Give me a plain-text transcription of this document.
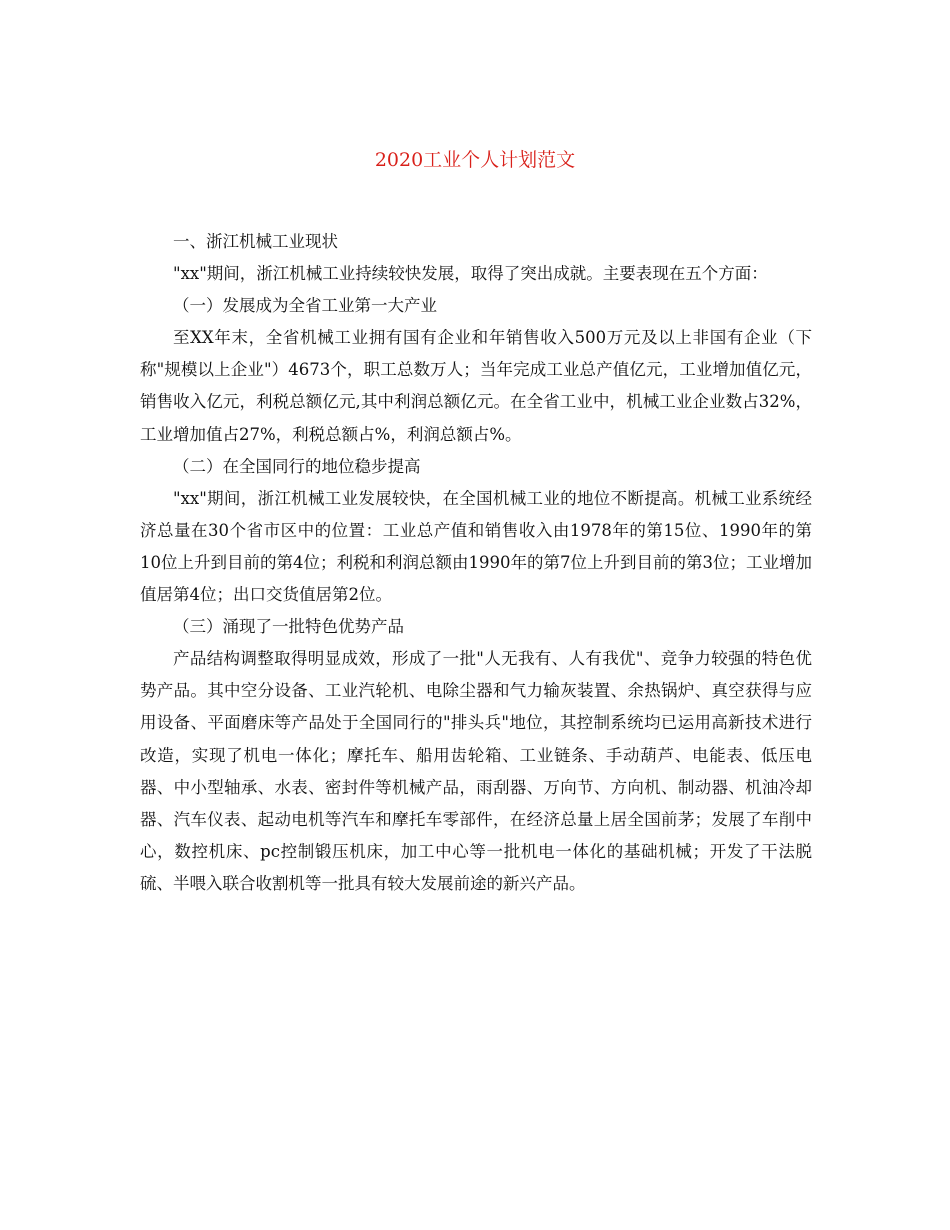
2020工业个人计划范文

一、浙江机械工业现状

"xx"期间，浙江机械工业持续较快发展，取得了突出成就。主要表现在五个方面：

（一）发展成为全省工业第一大产业

至XX年末，全省机械工业拥有国有企业和年销售收入500万元及以上非国有企业（下称"规模以上企业"）4673个，职工总数万人；当年完成工业总产值亿元，工业增加值亿元，销售收入亿元，利税总额亿元,其中利润总额亿元。在全省工业中，机械工业企业数占32%，工业增加值占27%，利税总额占%，利润总额占%。

（二）在全国同行的地位稳步提高

"xx"期间，浙江机械工业发展较快，在全国机械工业的地位不断提高。机械工业系统经济总量在30个省市区中的位置：工业总产值和销售收入由1978年的第15位、1990年的第10位上升到目前的第4位；利税和利润总额由1990年的第7位上升到目前的第3位；工业增加值居第4位；出口交货值居第2位。

（三）涌现了一批特色优势产品

产品结构调整取得明显成效，形成了一批"人无我有、人有我优"、竞争力较强的特色优势产品。其中空分设备、工业汽轮机、电除尘器和气力输灰装置、余热锅炉、真空获得与应用设备、平面磨床等产品处于全国同行的"排头兵"地位，其控制系统均已运用高新技术进行改造，实现了机电一体化；摩托车、船用齿轮箱、工业链条、手动葫芦、电能表、低压电器、中小型轴承、水表、密封件等机械产品，雨刮器、万向节、方向机、制动器、机油冷却器、汽车仪表、起动电机等汽车和摩托车零部件，在经济总量上居全国前茅；发展了车削中心，数控机床、pc控制锻压机床，加工中心等一批机电一体化的基础机械；开发了干法脱硫、半喂入联合收割机等一批具有较大发展前途的新兴产品。
